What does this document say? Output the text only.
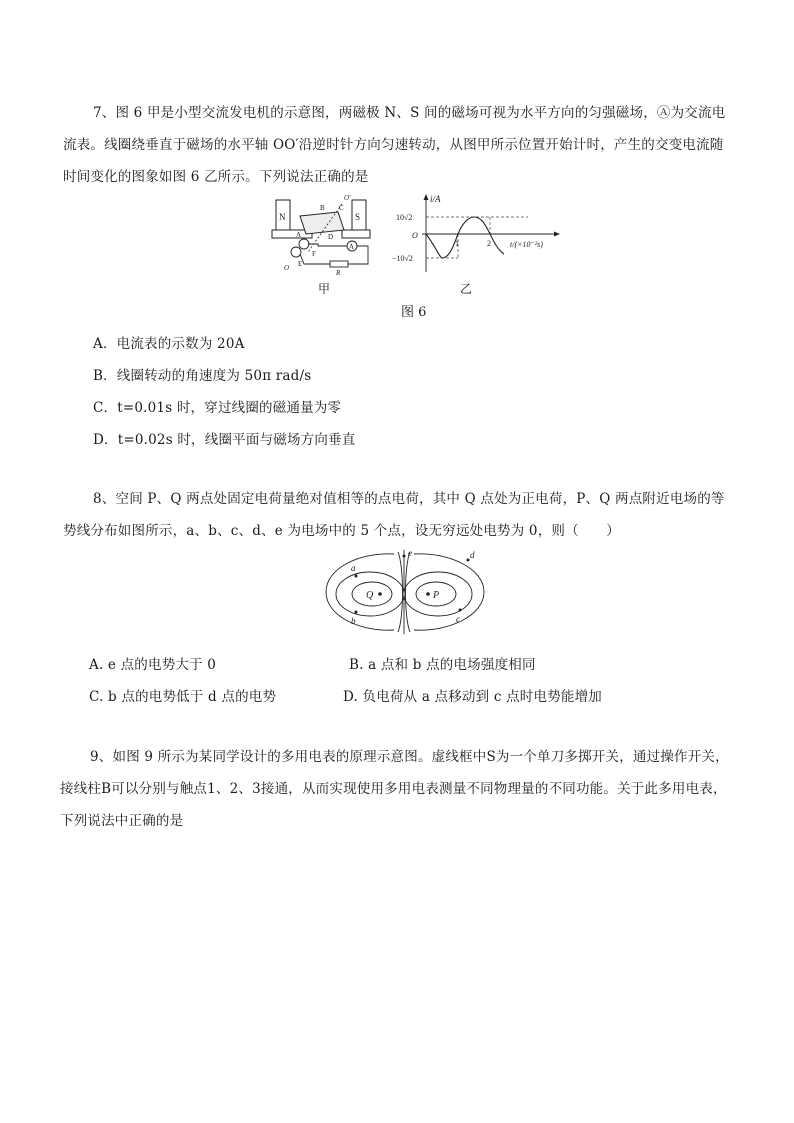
7、图 6 甲是小型交流发电机的示意图，两磁极 N、S 间的磁场可视为水平方向的匀强磁场，Ⓐ为交流电
流表。线圈绕垂直于磁场的水平轴 OO′沿逆时针方向匀速转动，从图甲所示位置开始计时，产生的交变电流随
时间变化的图象如图 6 乙所示。下列说法正确的是
N	S
B
O′
C
D
A
F
E
O
R
A
甲
i/A
t/(×10⁻²s)
10√2
O
−10√2
1	2
乙
图 6
A．电流表的示数为 20A
B．线圈转动的角速度为 50π rad/s
C．t=0.01s 时，穿过线圈的磁通量为零
D．t=0.02s 时，线圈平面与磁场方向垂直
8、空间 P、Q 两点处固定电荷量绝对值相等的点电荷，其中 Q 点处为正电荷，P、Q 两点附近电场的等
势线分布如图所示，a、b、c、d、e 为电场中的 5 个点，设无穷远处电势为 0，则（　　）
e
Q	P
a
b	c
d
A. e 点的电势大于 0	B. a 点和 b 点的电场强度相同
C. b 点的电势低于 d 点的电势	D. 负电荷从 a 点移动到 c 点时电势能增加
9、如图 9 所示为某同学设计的多用电表的原理示意图。虚线框中S为一个单刀多掷开关，通过操作开关，
接线柱B可以分别与触点1、2、3接通，从而实现使用多用电表测量不同物理量的不同功能。关于此多用电表，
下列说法中正确的是
